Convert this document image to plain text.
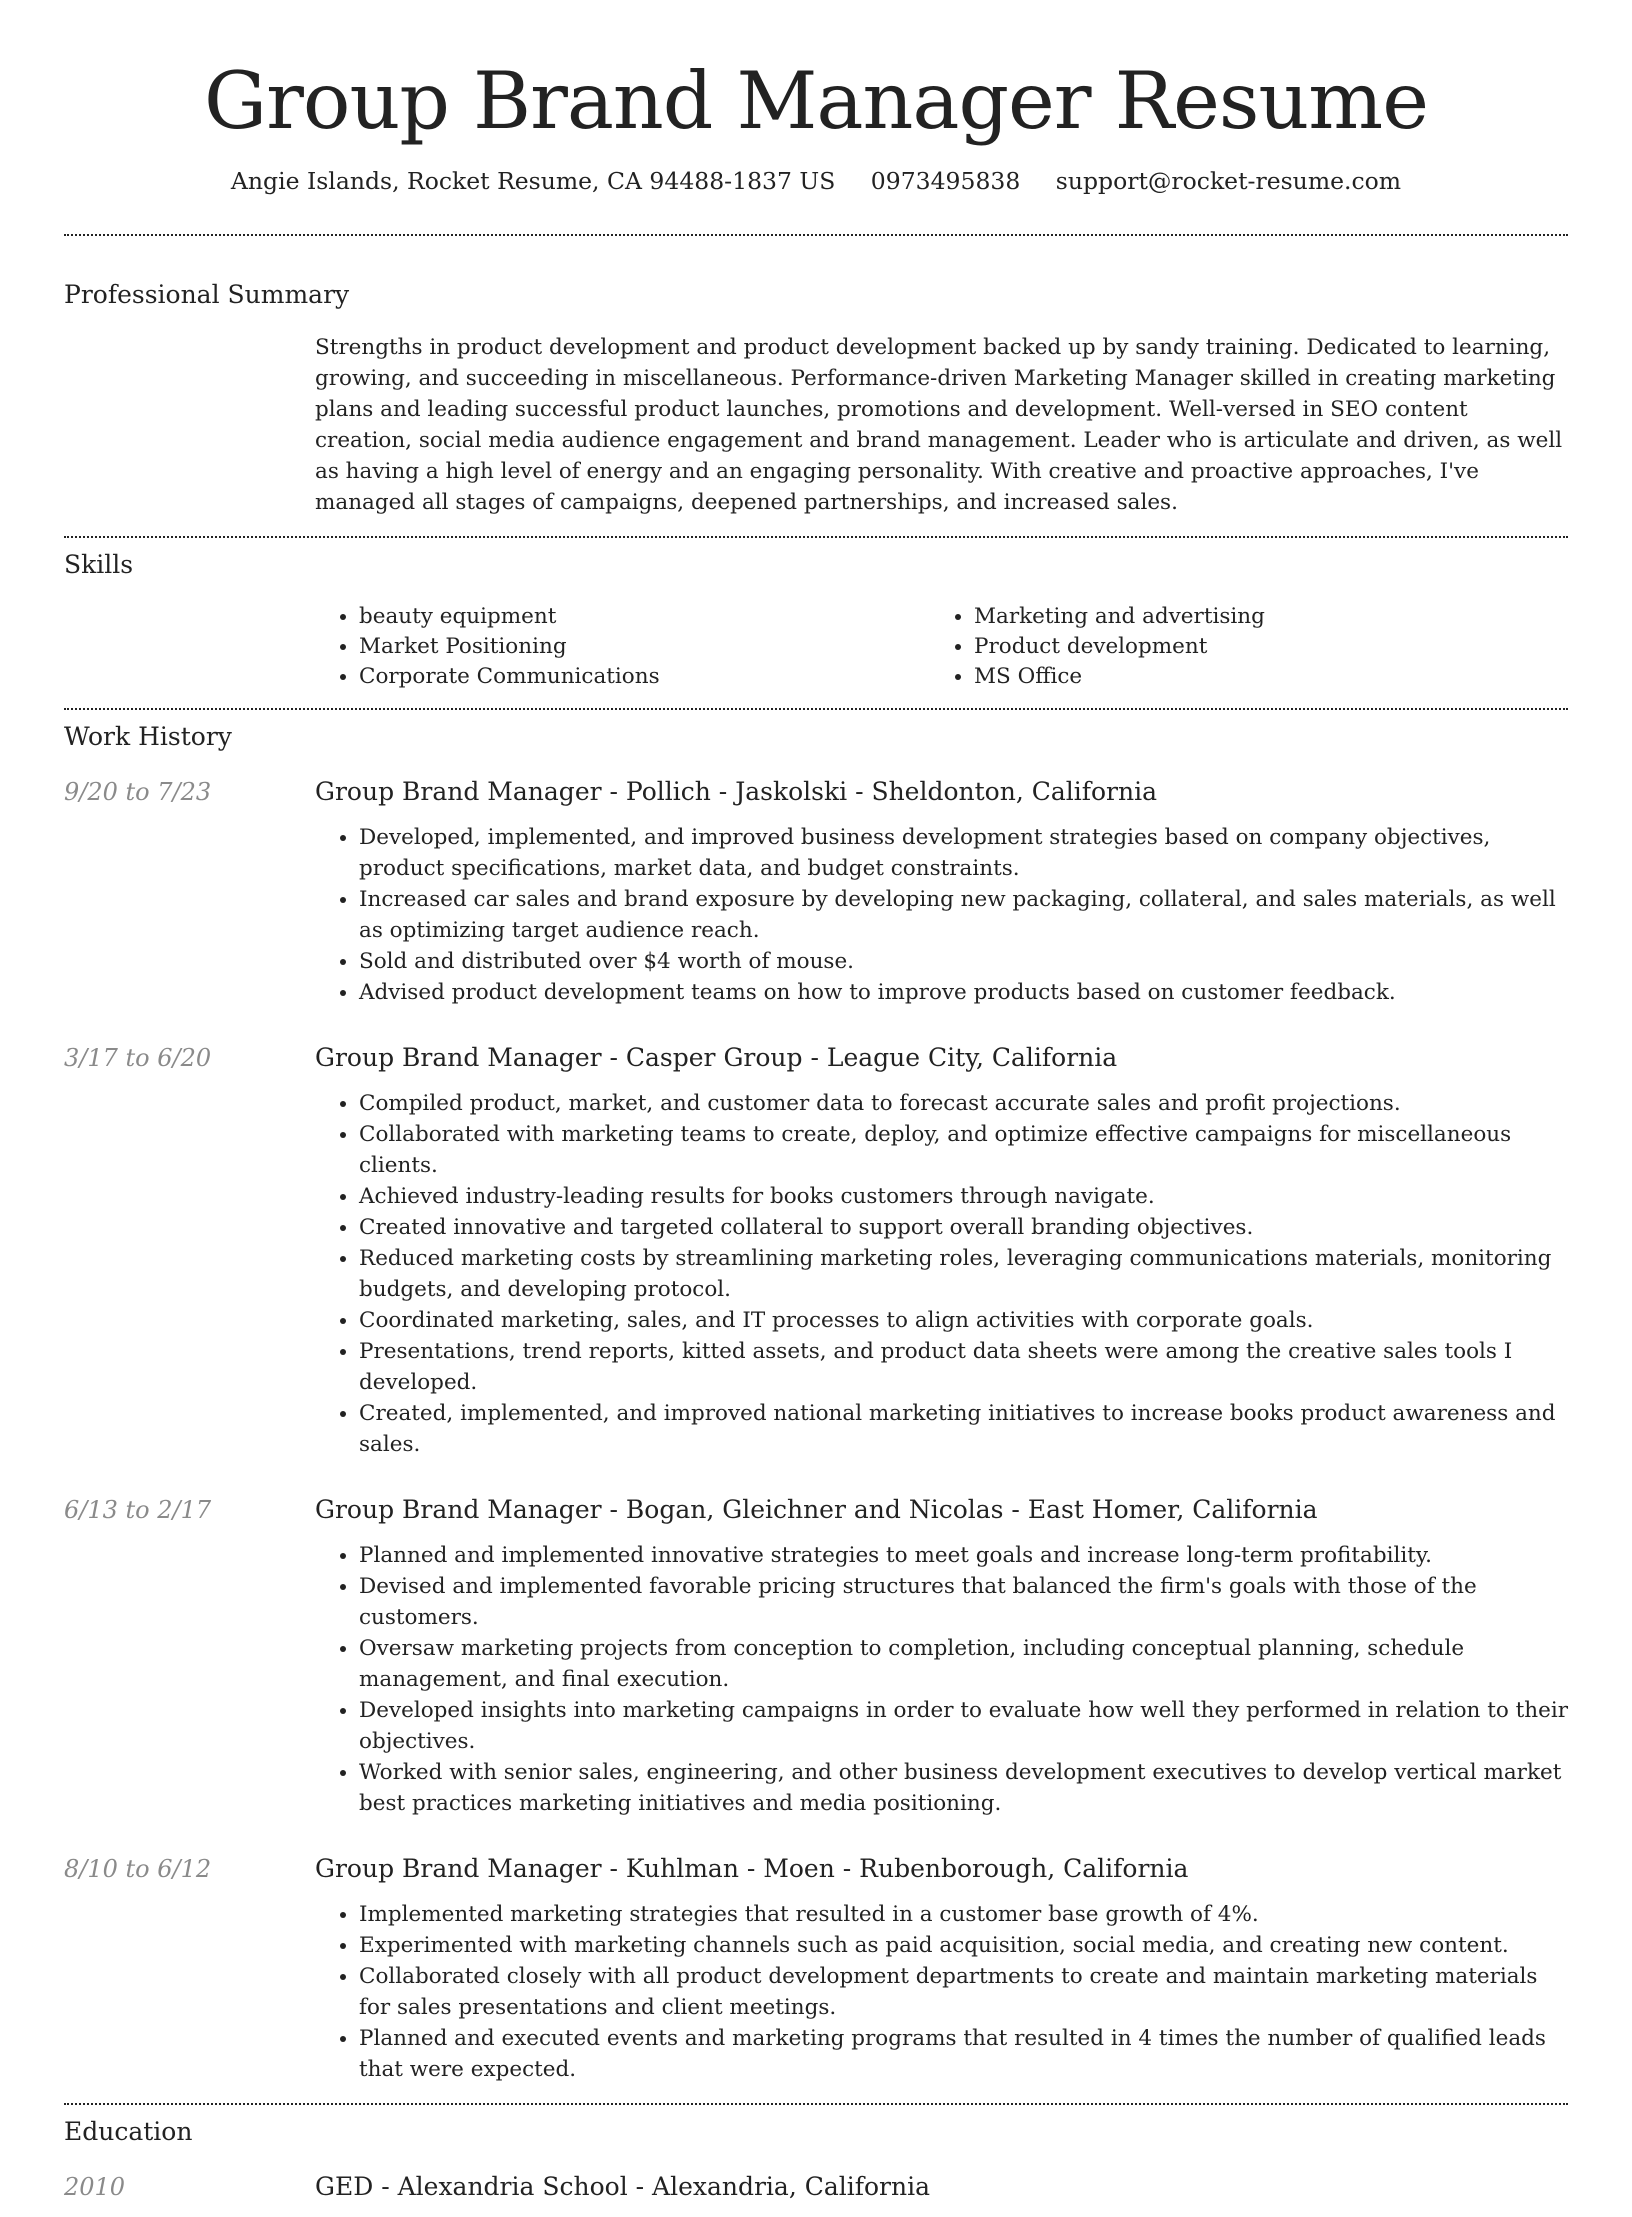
Group Brand Manager Resume
Angie Islands, Rocket Resume, CA 94488-1837 US 0973495838 support@rocket-resume.com
Professional Summary

Strengths in product development and product development backed up by sandy training. Dedicated to learning, growing, and succeeding in miscellaneous. Performance-driven Marketing Manager skilled in creating marketing plans and leading successful product launches, promotions and development. Well-versed in SEO content creation, social media audience engagement and brand management. Leader who is articulate and driven, as well as having a high level of energy and an engaging personality. With creative and proactive approaches, I've managed all stages of campaigns, deepened partnerships, and increased sales.

Skills
• beauty equipment
• Market Positioning
• Corporate Communications
• Marketing and advertising
• Product development
• MS Office
Work History
9/20 to 7/23	Group Brand Manager - Pollich - Jaskolski - Sheldonton, California
• Developed, implemented, and improved business development strategies based on company objectives, product specifications, market data, and budget constraints.
• Increased car sales and brand exposure by developing new packaging, collateral, and sales materials, as well as optimizing target audience reach.
• Sold and distributed over $4 worth of mouse.
• Advised product development teams on how to improve products based on customer feedback.
3/17 to 6/20	Group Brand Manager - Casper Group - League City, California
• Compiled product, market, and customer data to forecast accurate sales and profit projections.
• Collaborated with marketing teams to create, deploy, and optimize effective campaigns for miscellaneous clients.
• Achieved industry-leading results for books customers through navigate.
• Created innovative and targeted collateral to support overall branding objectives.
• Reduced marketing costs by streamlining marketing roles, leveraging communications materials, monitoring budgets, and developing protocol.
• Coordinated marketing, sales, and IT processes to align activities with corporate goals.
• Presentations, trend reports, kitted assets, and product data sheets were among the creative sales tools I developed.
• Created, implemented, and improved national marketing initiatives to increase books product awareness and sales.
6/13 to 2/17	Group Brand Manager - Bogan, Gleichner and Nicolas - East Homer, California
• Planned and implemented innovative strategies to meet goals and increase long-term profitability.
• Devised and implemented favorable pricing structures that balanced the firm's goals with those of the customers.
• Oversaw marketing projects from conception to completion, including conceptual planning, schedule management, and final execution.
• Developed insights into marketing campaigns in order to evaluate how well they performed in relation to their objectives.
• Worked with senior sales, engineering, and other business development executives to develop vertical market best practices marketing initiatives and media positioning.
8/10 to 6/12	Group Brand Manager - Kuhlman - Moen - Rubenborough, California
• Implemented marketing strategies that resulted in a customer base growth of 4%.
• Experimented with marketing channels such as paid acquisition, social media, and creating new content.
• Collaborated closely with all product development departments to create and maintain marketing materials for sales presentations and client meetings.
• Planned and executed events and marketing programs that resulted in 4 times the number of qualified leads that were expected.
Education
2010	GED - Alexandria School - Alexandria, California
